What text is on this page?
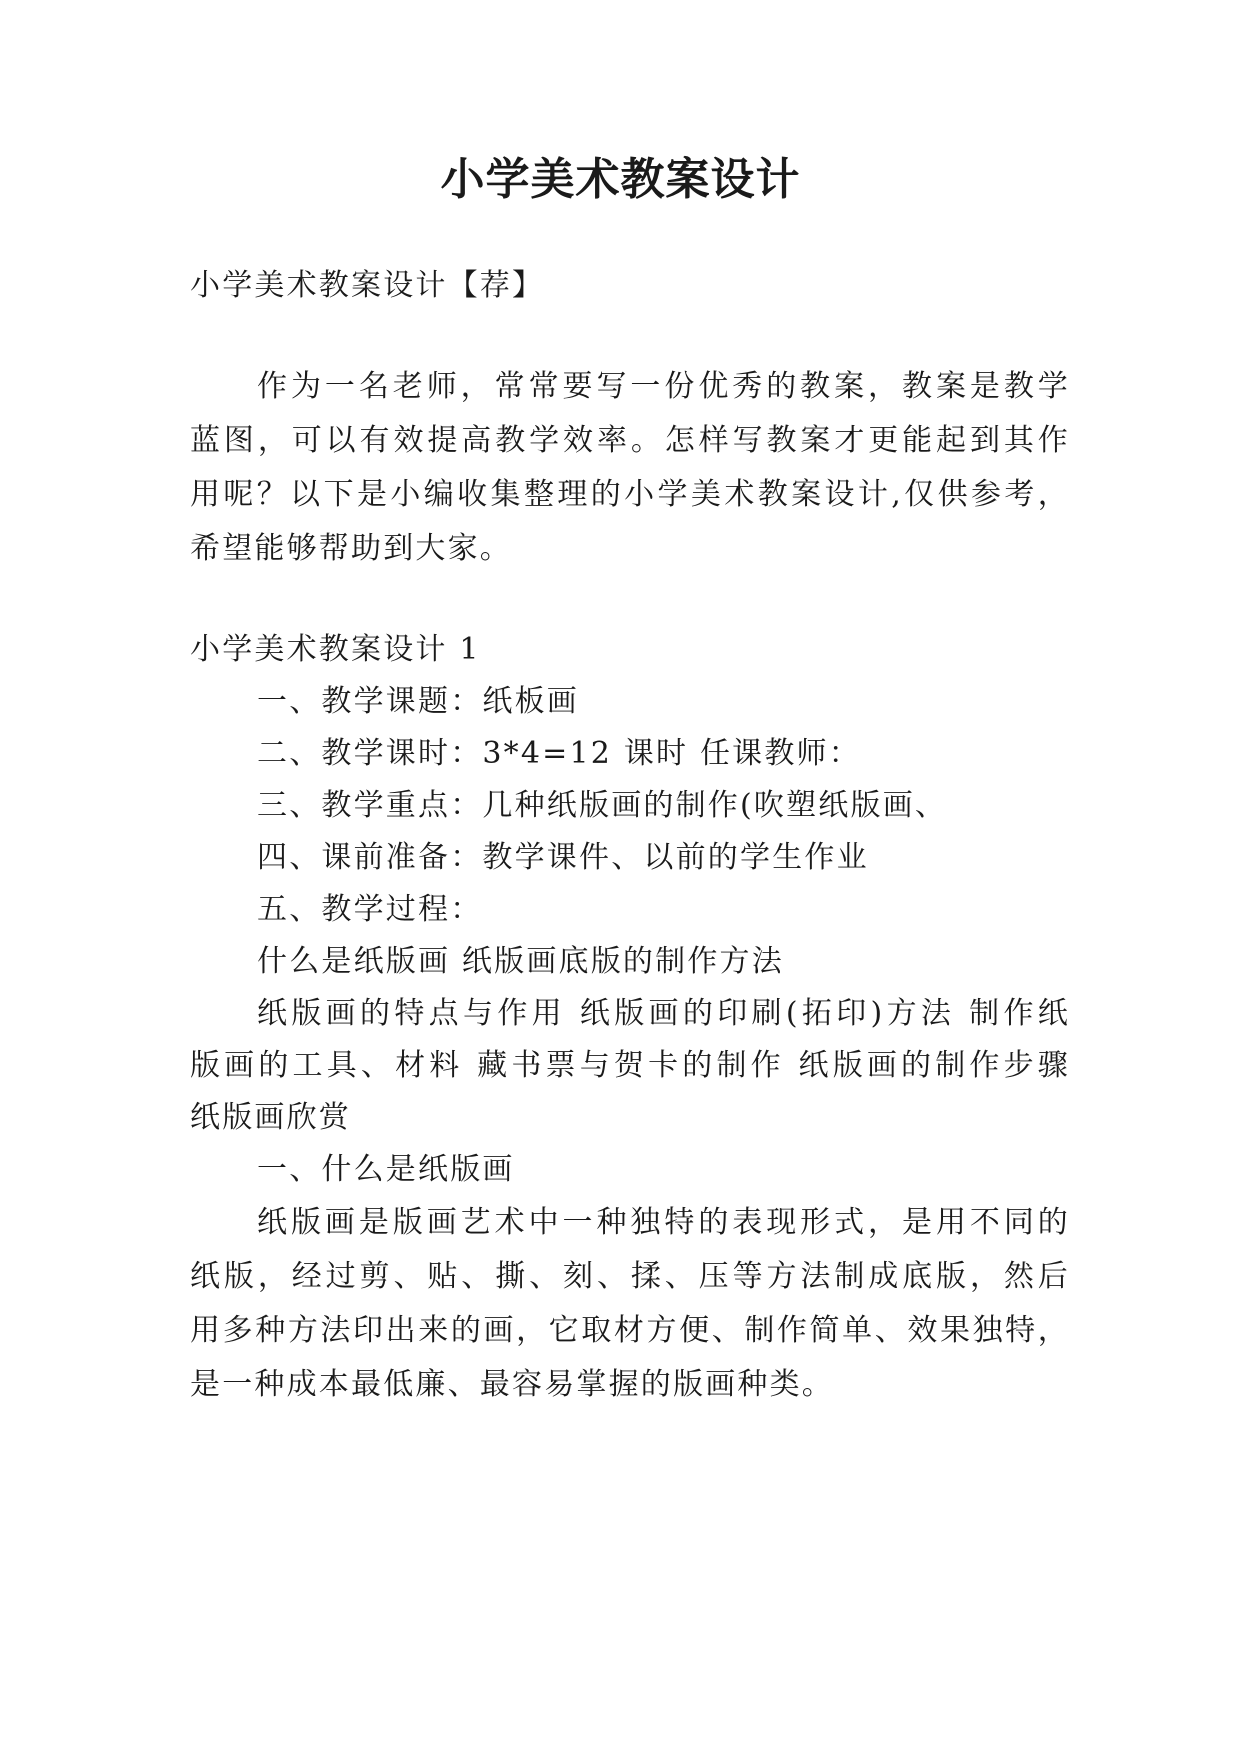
小学美术教案设计
小学美术教案设计【荐】
作为一名老师，常常要写一份优秀的教案，教案是教学
蓝图，可以有效提高教学效率。怎样写教案才更能起到其作
用呢？以下是小编收集整理的小学美术教案设计,仅供参考，
希望能够帮助到大家。
小学美术教案设计 1
一、教学课题：纸板画
二、教学课时：3*4=12 课时 任课教师：
三、教学重点：几种纸版画的制作(吹塑纸版画、
四、课前准备：教学课件、以前的学生作业
五、教学过程：
什么是纸版画 纸版画底版的制作方法
纸版画的特点与作用 纸版画的印刷(拓印)方法 制作纸
版画的工具、材料 藏书票与贺卡的制作 纸版画的制作步骤
纸版画欣赏
一、什么是纸版画
纸版画是版画艺术中一种独特的表现形式，是用不同的
纸版，经过剪、贴、撕、刻、揉、压等方法制成底版，然后
用多种方法印出来的画，它取材方便、制作简单、效果独特，
是一种成本最低廉、最容易掌握的版画种类。
